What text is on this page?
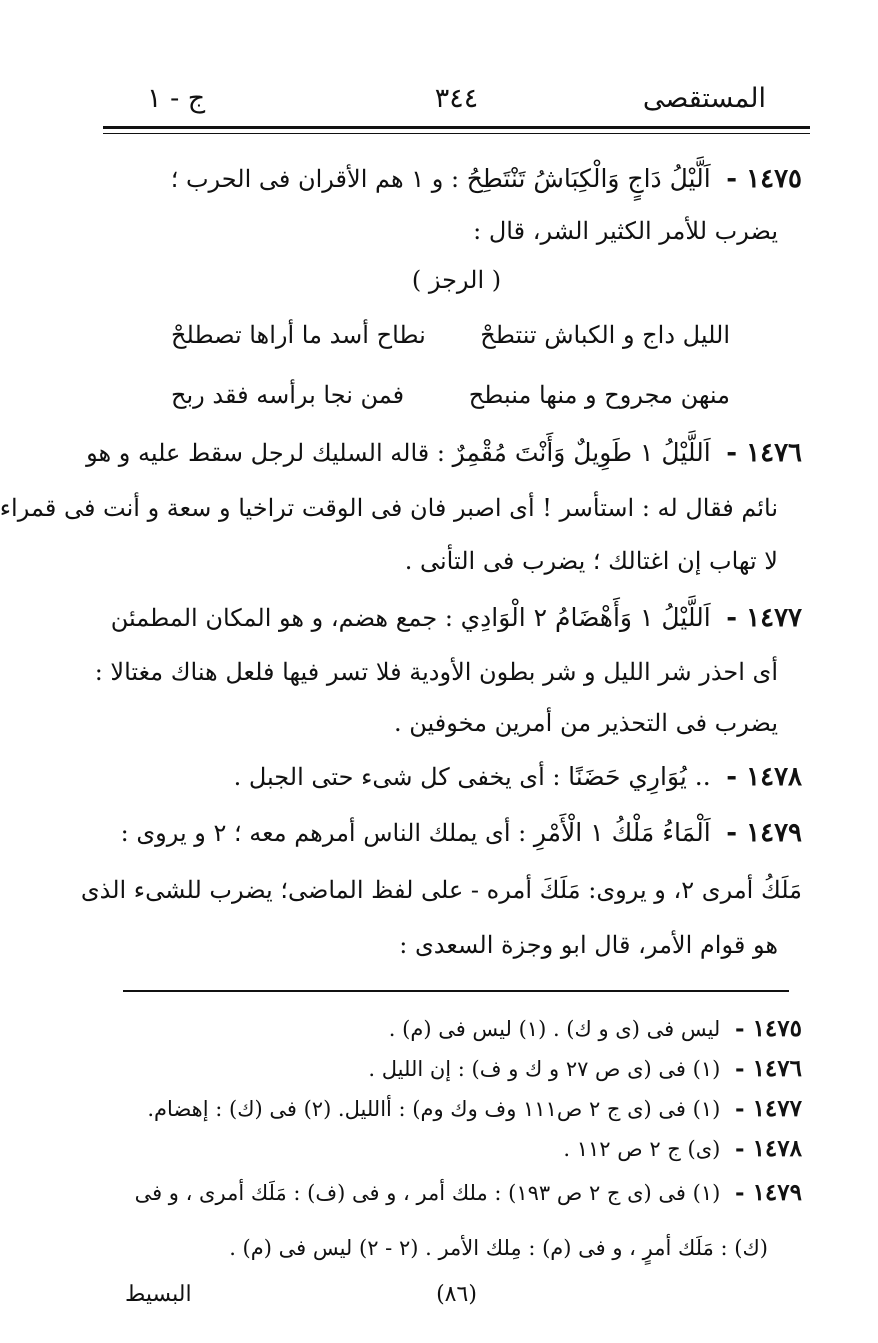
المستقصى
٣٤٤
ج - ١
١٤٧٥ - اَلَّيْلُ دَاجٍ وَالْكِبَاشُ تَنْتَطِحُ : و ١ هم الأقران فى الحرب ؛
يضرب للأمر الكثير الشر، قال :
( الرجز )
الليل داج و الكباش تنتطحْ
نطاح أسد ما أراها تصطلحْ
منهن مجروح و منها منبطح
فمن نجا برأسه فقد ربح
١٤٧٦ - اَللَّيْلُ ١ طَوِيلٌ وَأَنْتَ مُقْمِرٌ : قاله السليك لرجل سقط عليه و هو
نائم فقال له : استأسر ! أى اصبر فان فى الوقت تراخيا و سعة و أنت فى قمراء
لا تهاب إن اغتالك ؛ يضرب فى التأنى .
١٤٧٧ - اَللَّيْلُ ١ وَأَهْضَامُ ٢ الْوَادِي : جمع هضم، و هو المكان المطمئن
أى احذر شر الليل و شر بطون الأودية فلا تسر فيها فلعل هناك مغتالا :
يضرب فى التحذير من أمرين مخوفين .
١٤٧٨ - .. يُوَارِي حَضَنًا : أى يخفى كل شىء حتى الجبل .
١٤٧٩ - اَلْمَاءُ مَلْكُ ١ الْأَمْرِ : أى يملك الناس أمرهم معه ؛ ٢ و يروى :
مَلَكُ أمرى ٢، و يروى: مَلَكَ أمره - على لفظ الماضى؛ يضرب للشىء الذى
هو قوام الأمر، قال ابو وجزة السعدى :
١٤٧٥ - ليس فى (ى و ك) . (١) ليس فى (م) .
١٤٧٦ - (١) فى (ى ص ٢٧ و ك و ف) : إن الليل .
١٤٧٧ - (١) فى (ى ج ٢ ص١١١ وف وك وم) : أالليل. (٢) فى (ك) : إهضام.
١٤٧٨ - (ى) ج ٢ ص ١١٢ .
١٤٧٩ - (١) فى (ى ج ٢ ص ١٩٣) : ملك أمر ، و فى (ف) : مَلَك أمرى ، و فى
(ك) : مَلَك أمرٍ ، و فى (م) : مِلك الأمر . (٢ - ٢) ليس فى (م) .
(٨٦)
البسيط
